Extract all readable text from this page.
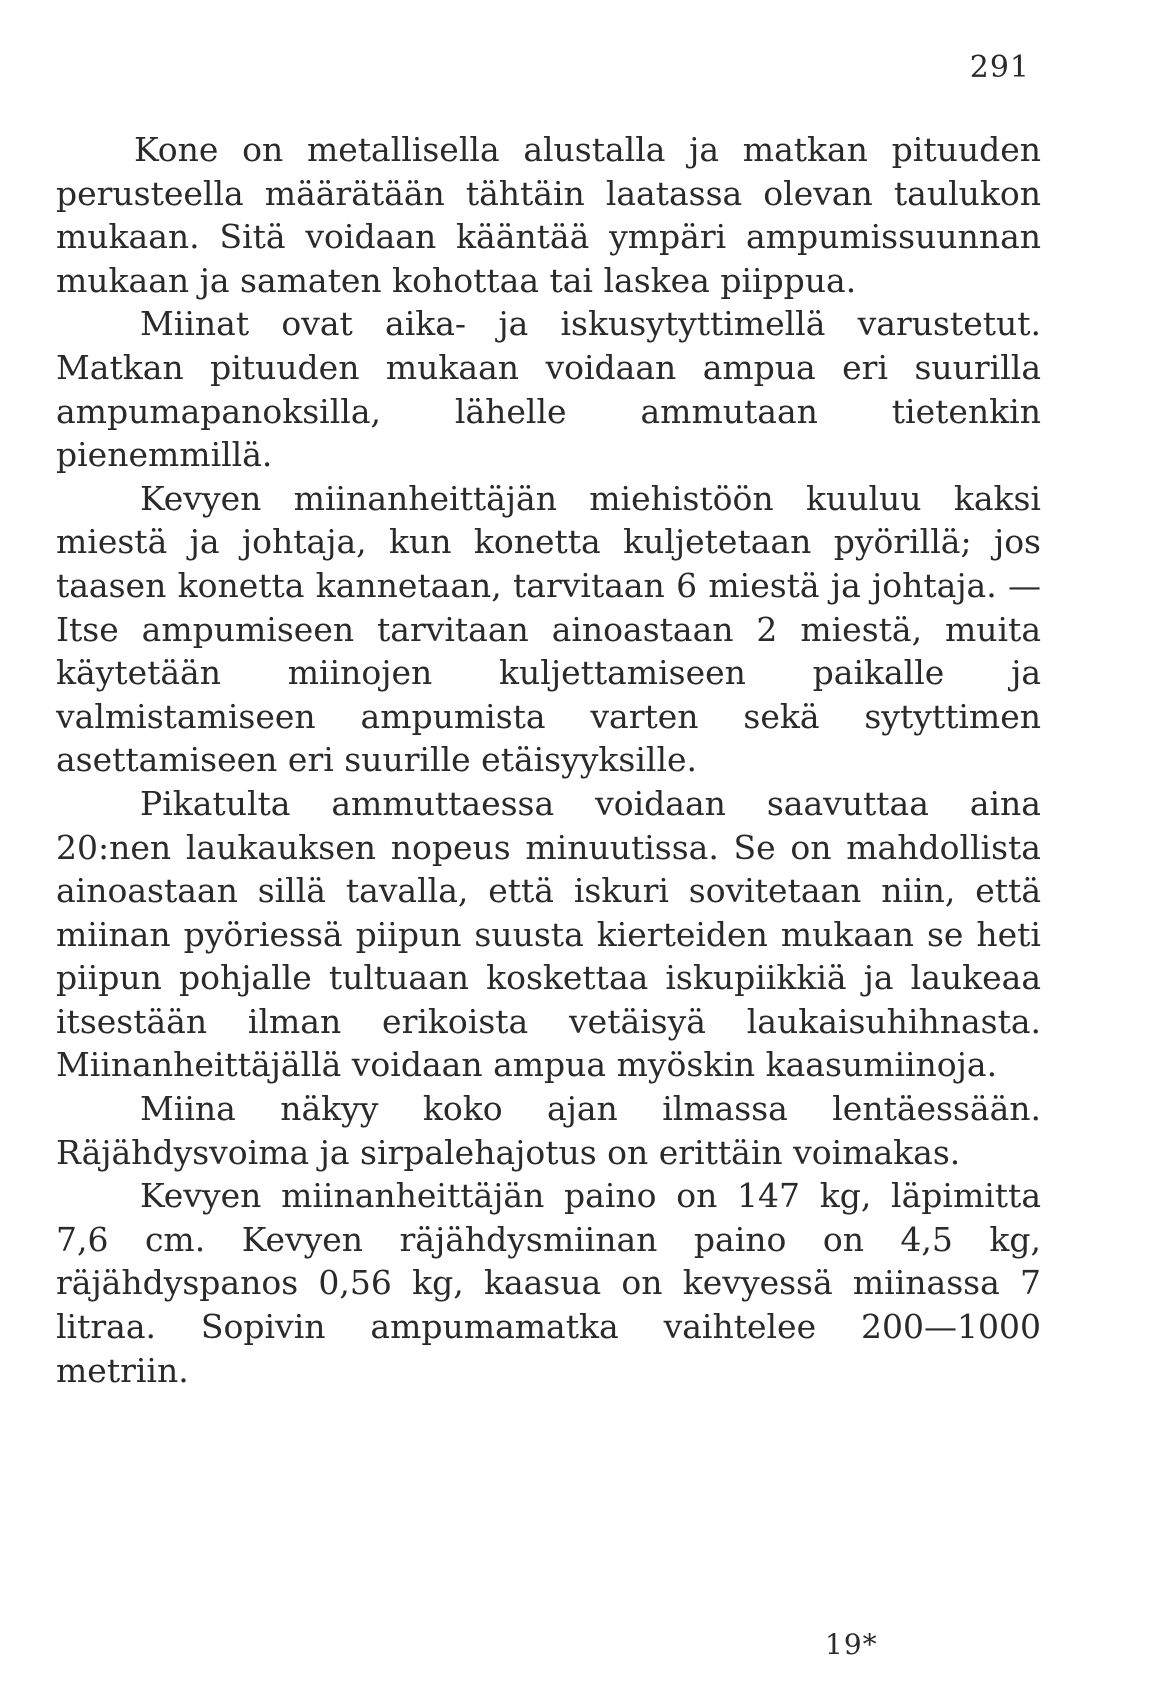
291

Kone on metallisella alustalla ja matkan pituuden perusteella määrätään tähtäin laatassa olevan taulukon mukaan. Sitä voidaan kääntää ympäri ampumissuunnan mukaan ja samaten kohottaa tai laskea piippua.

Miinat ovat aika- ja iskusytyttimellä varustetut. Matkan pituuden mukaan voidaan ampua eri suurilla ampumapanoksilla, lähelle ammutaan tietenkin pienemmillä.

Kevyen miinanheittäjän miehistöön kuuluu kaksi miestä ja johtaja, kun konetta kuljetetaan pyörillä; jos taasen konetta kannetaan, tarvitaan 6 miestä ja johtaja. — Itse ampumiseen tarvitaan ainoastaan 2 miestä, muita käytetään miinojen kuljettamiseen paikalle ja valmistamiseen ampumista varten sekä sytyttimen asettamiseen eri suurille etäisyyksille.

Pikatulta ammuttaessa voidaan saavuttaa aina 20:nen laukauksen nopeus minuutissa. Se on mahdollista ainoastaan sillä tavalla, että iskuri sovitetaan niin, että miinan pyöriessä piipun suusta kierteiden mukaan se heti piipun pohjalle tultuaan koskettaa iskupiikkiä ja laukeaa itsestään ilman erikoista vetäisyä laukaisuhihnasta. Miinanheittäjällä voidaan ampua myöskin kaasumiinoja.

Miina näkyy koko ajan ilmassa lentäessään. Räjähdysvoima ja sirpalehajotus on erittäin voimakas.

Kevyen miinanheittäjän paino on 147 kg, läpimitta 7,6 cm. Kevyen räjähdysmiinan paino on 4,5 kg, räjähdyspanos 0,56 kg, kaasua on kevyessä miinassa 7 litraa. Sopivin ampumamatka vaihtelee 200—1000 metriin.

19*
